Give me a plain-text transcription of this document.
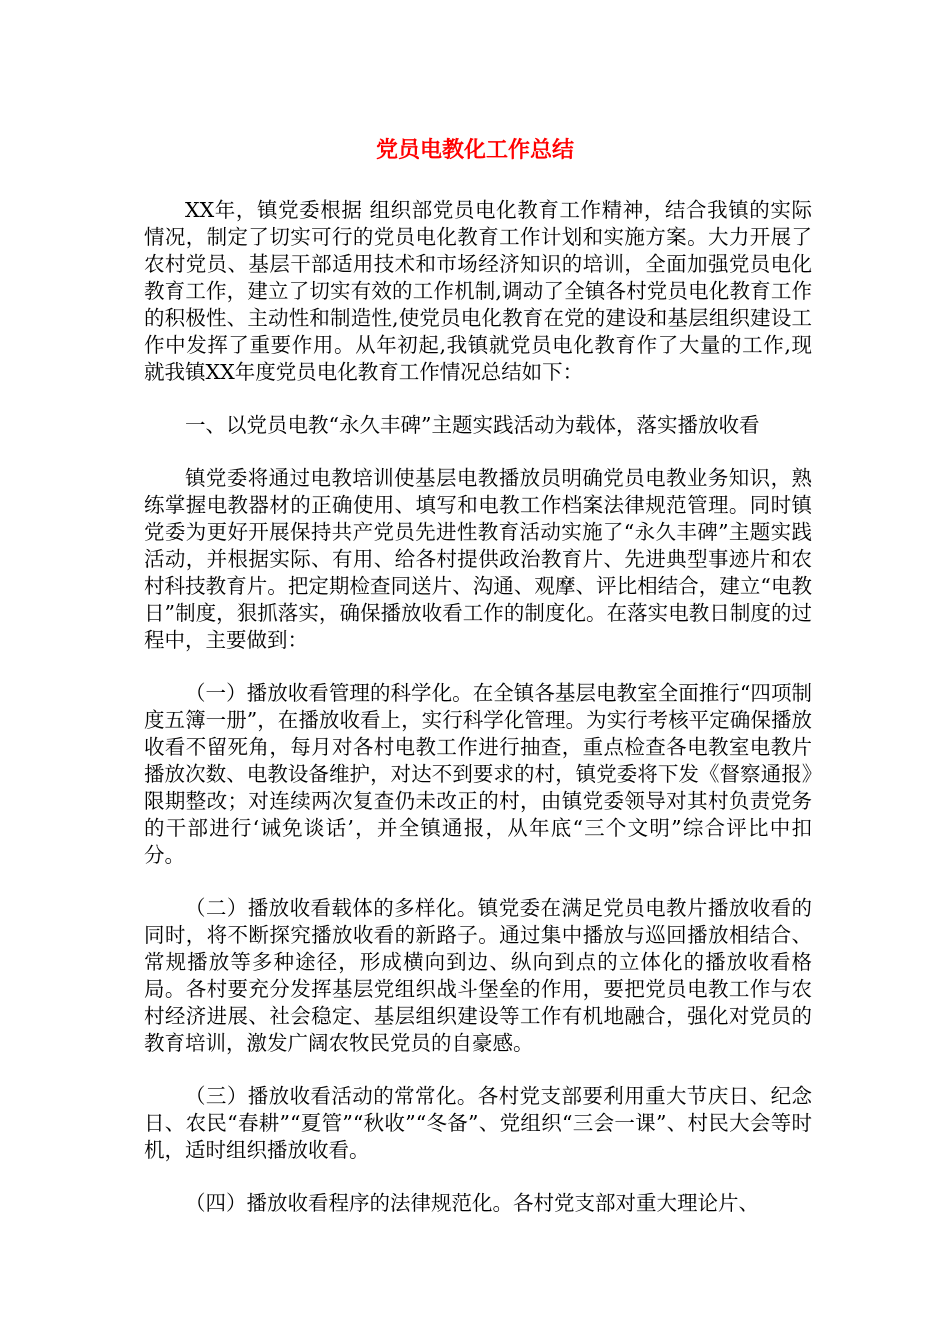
党员电教化工作总结

XX年，镇党委根据 组织部党员电化教育工作精神，结合我镇的实际情况，制定了切实可行的党员电化教育工作计划和实施方案。大力开展了农村党员、基层干部适用技术和市场经济知识的培训，全面加强党员电化教育工作，建立了切实有效的工作机制,调动了全镇各村党员电化教育工作的积极性、主动性和制造性,使党员电化教育在党的建设和基层组织建设工作中发挥了重要作用。从年初起,我镇就党员电化教育作了大量的工作,现就我镇XX年度党员电化教育工作情况总结如下：

一、以党员电教“永久丰碑”主题实践活动为载体，落实播放收看

镇党委将通过电教培训使基层电教播放员明确党员电教业务知识，熟练掌握电教器材的正确使用、填写和电教工作档案法律规范管理。同时镇党委为更好开展保持共产党员先进性教育活动实施了“永久丰碑”主题实践活动，并根据实际、有用、给各村提供政治教育片、先进典型事迹片和农村科技教育片。把定期检查同送片、沟通、观摩、评比相结合，建立“电教日”制度，狠抓落实，确保播放收看工作的制度化。在落实电教日制度的过程中，主要做到：

（一）播放收看管理的科学化。在全镇各基层电教室全面推行“四项制度五簿一册”，在播放收看上，实行科学化管理。为实行考核平定确保播放收看不留死角，每月对各村电教工作进行抽查，重点检查各电教室电教片播放次数、电教设备维护，对达不到要求的村，镇党委将下发《督察通报》限期整改；对连续两次复查仍未改正的村，由镇党委领导对其村负责党务的干部进行‘诫免谈话’，并全镇通报，从年底“三个文明”综合评比中扣分。

（二）播放收看载体的多样化。镇党委在满足党员电教片播放收看的同时，将不断探究播放收看的新路子。通过集中播放与巡回播放相结合、常规播放等多种途径，形成横向到边、纵向到点的立体化的播放收看格局。各村要充分发挥基层党组织战斗堡垒的作用，要把党员电教工作与农村经济进展、社会稳定、基层组织建设等工作有机地融合，强化对党员的教育培训，激发广阔农牧民党员的自豪感。

（三）播放收看活动的常常化。各村党支部要利用重大节庆日、纪念日、农民“春耕”“夏管”“秋收”“冬备”、党组织“三会一课”、村民大会等时机，适时组织播放收看。

（四）播放收看程序的法律规范化。各村党支部对重大理论片、
